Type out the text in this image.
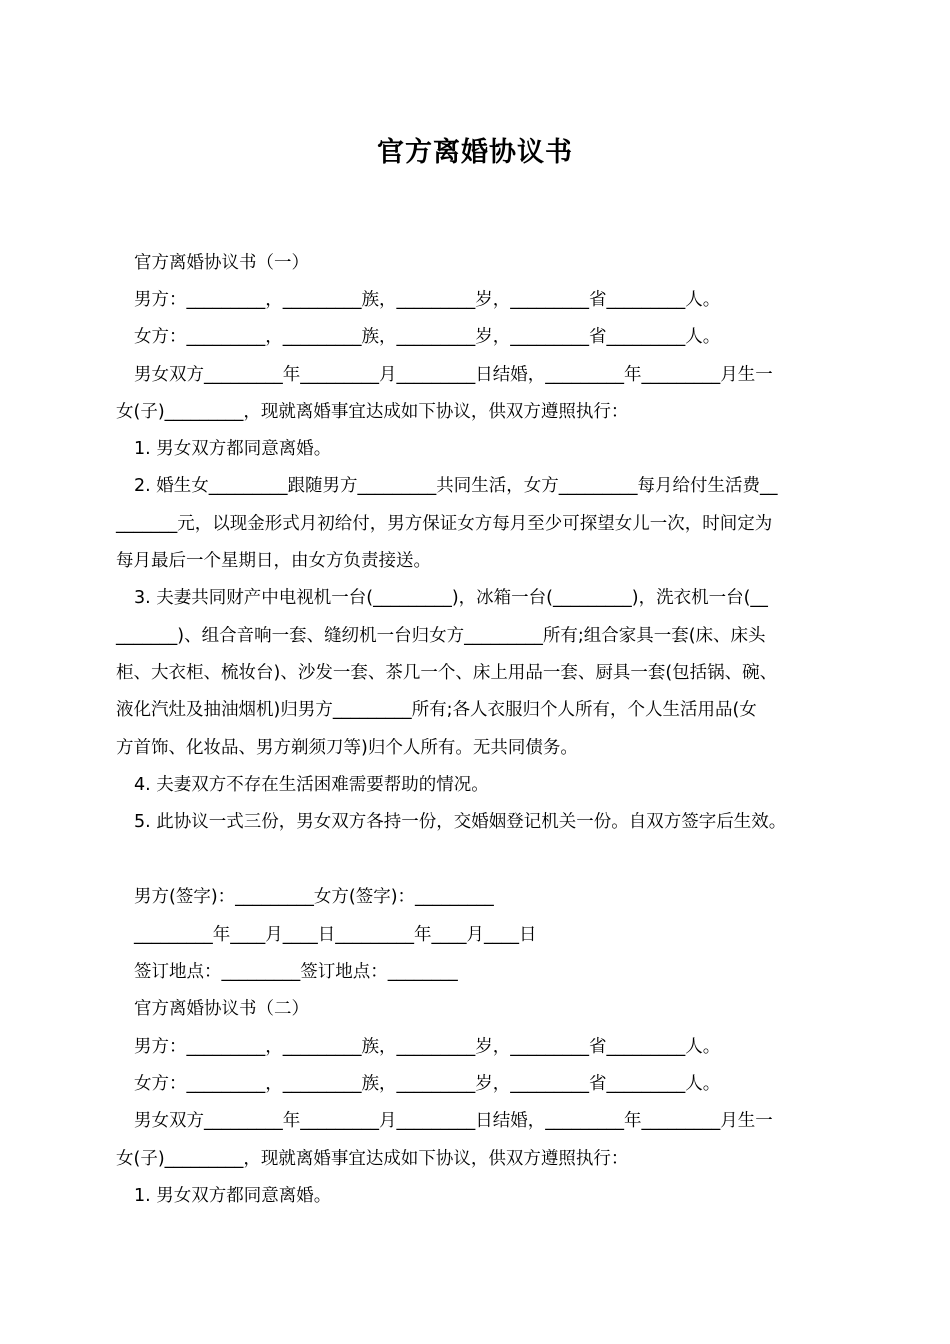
官方离婚协议书
官方离婚协议书（一）
男方：_________，_________族，_________岁，_________省_________人。
女方：_________，_________族，_________岁，_________省_________人。
男女双方_________年_________月_________日结婚，_________年_________月生一
女(子)_________，现就离婚事宜达成如下协议，供双方遵照执行：
1. 男女双方都同意离婚。
2. 婚生女_________跟随男方_________共同生活，女方_________每月给付生活费__
_______元，以现金形式月初给付，男方保证女方每月至少可探望女儿一次，时间定为
每月最后一个星期日，由女方负责接送。
3. 夫妻共同财产中电视机一台(_________)，冰箱一台(_________)，洗衣机一台(__
_______)、组合音响一套、缝纫机一台归女方_________所有;组合家具一套(床、床头
柜、大衣柜、梳妆台)、沙发一套、茶几一个、床上用品一套、厨具一套(包括锅、碗、
液化汽灶及抽油烟机)归男方_________所有;各人衣服归个人所有，个人生活用品(女
方首饰、化妆品、男方剃须刀等)归个人所有。无共同债务。
4. 夫妻双方不存在生活困难需要帮助的情况。
5. 此协议一式三份，男女双方各持一份，交婚姻登记机关一份。自双方签字后生效。
男方(签字)：_________女方(签字)：_________
_________年____月____日_________年____月____日
签订地点：_________签订地点：________
官方离婚协议书（二）
男方：_________，_________族，_________岁，_________省_________人。
女方：_________，_________族，_________岁，_________省_________人。
男女双方_________年_________月_________日结婚，_________年_________月生一
女(子)_________，现就离婚事宜达成如下协议，供双方遵照执行：
1. 男女双方都同意离婚。
